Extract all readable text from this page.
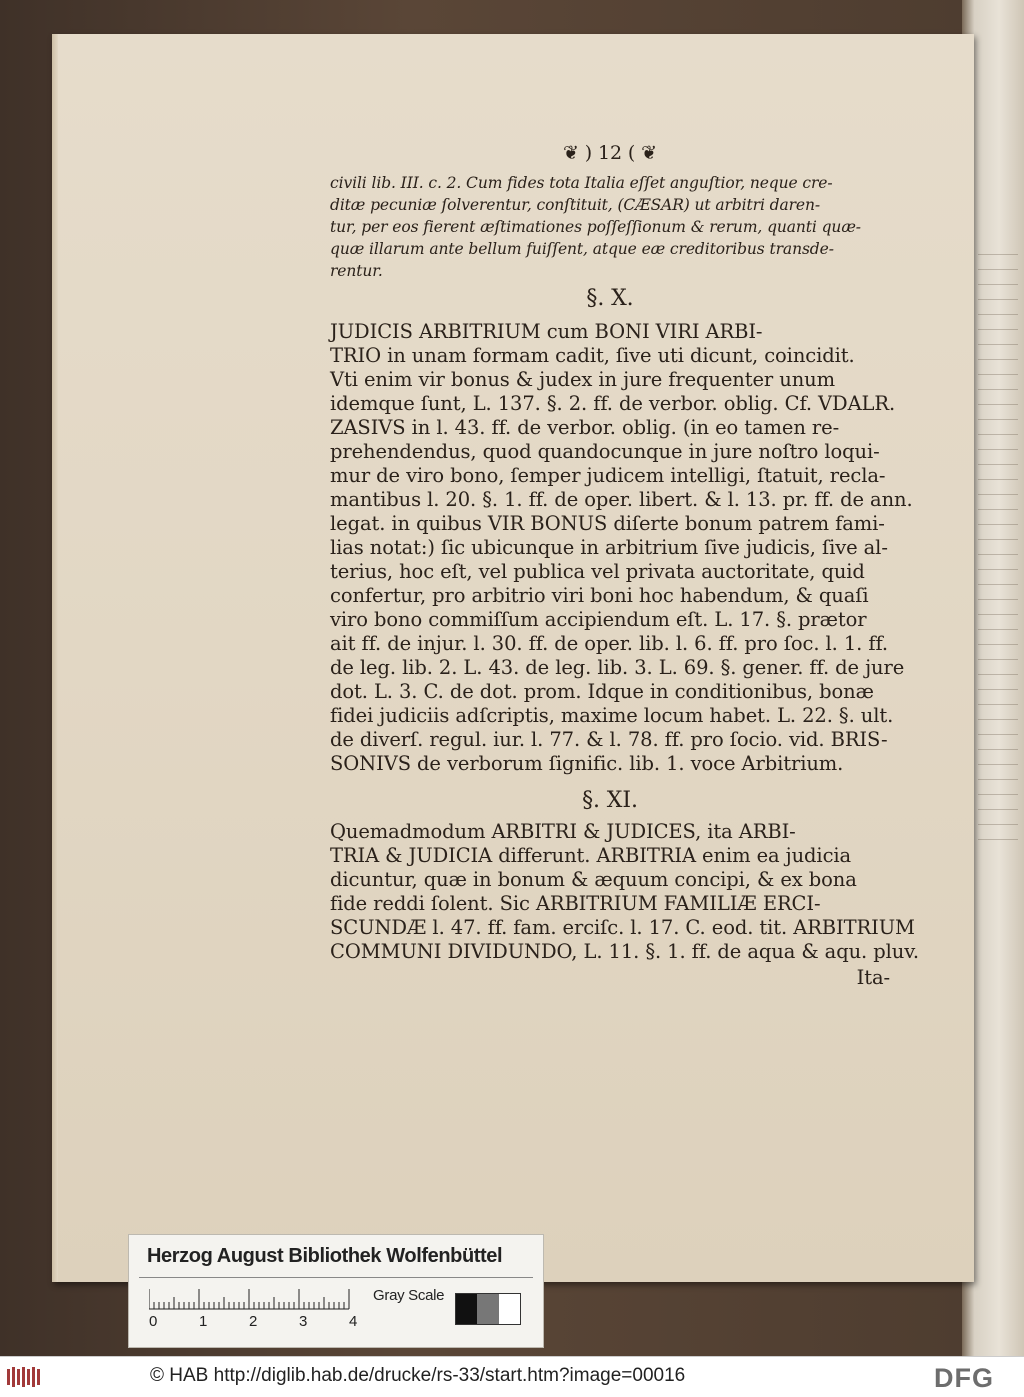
❦ ) 12 ( ❦
civili lib. III. c. 2. Cum fides tota Italia eſſet anguſtior, neque cre-
ditæ pecuniæ ſolverentur, conſtituit, (CÆSAR) ut arbitri daren-
tur, per eos fierent æſtimationes poſſeſſionum & rerum, quanti quæ-
quæ illarum ante bellum fuiſſent, atque eæ creditoribus transde-
rentur.
§. X.
JUDICIS ARBITRIUM cum BONI VIRI ARBI-
TRIO in unam formam cadit, ſive uti dicunt, coincidit.
Vti enim vir bonus & judex in jure frequenter unum
idemque ſunt, L. 137. §. 2. ff. de verbor. oblig. Cf. VDALR.
ZASIVS in l. 43. ff. de verbor. oblig. (in eo tamen re-
prehendendus, quod quandocunque in jure noſtro loqui-
mur de viro bono, ſemper judicem intelligi, ſtatuit, recla-
mantibus l. 20. §. 1. ff. de oper. libert. & l. 13. pr. ff. de ann.
legat. in quibus VIR BONUS diſerte bonum patrem fami-
lias notat:) ſic ubicunque in arbitrium ſive judicis, ſive al-
terius, hoc eſt, vel publica vel privata auctoritate, quid
confertur, pro arbitrio viri boni hoc habendum, & quaſi
viro bono commiſſum accipiendum eſt. L. 17. §. prætor
ait ff. de injur. l. 30. ff. de oper. lib. l. 6. ff. pro ſoc. l. 1. ff.
de leg. lib. 2. L. 43. de leg. lib. 3. L. 69. §. gener. ff. de jure
dot. L. 3. C. de dot. prom. Idque in conditionibus, bonæ
fidei judiciis adſcriptis, maxime locum habet. L. 22. §. ult.
de diverſ. regul. iur. l. 77. & l. 78. ff. pro ſocio. vid. BRIS-
SONIVS de verborum ſignific. lib. 1. voce Arbitrium.
§. XI.
Quemadmodum ARBITRI & JUDICES, ita ARBI-
TRIA & JUDICIA differunt. ARBITRIA enim ea judicia
dicuntur, quæ in bonum & æquum concipi, & ex bona
fide reddi ſolent. Sic ARBITRIUM FAMILIÆ ERCI-
SCUNDÆ l. 47. ff. fam. erciſc. l. 17. C. eod. tit. ARBITRIUM
COMMUNI DIVIDUNDO, L. 11. §. 1. ff. de aqua & aqu. pluv.
Ita-
Herzog August Bibliothek Wolfenbüttel
0	1	2	3	4
Gray Scale
© HAB http://diglib.hab.de/drucke/rs-33/start.htm?image=00016	DFG
